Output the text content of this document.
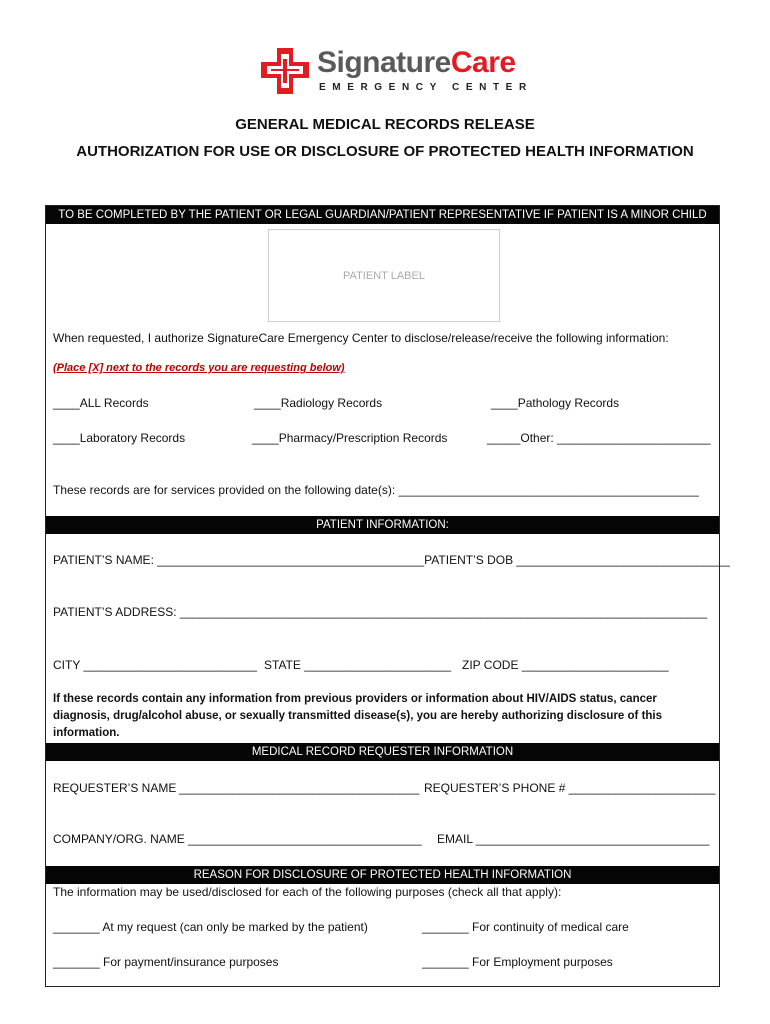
SignatureCare
EMERGENCY CENTER
GENERAL MEDICAL RECORDS RELEASE
AUTHORIZATION FOR USE OR DISCLOSURE OF PROTECTED HEALTH INFORMATION
TO BE COMPLETED BY THE PATIENT OR LEGAL GUARDIAN/PATIENT REPRESENTATIVE IF PATIENT IS A MINOR CHILD
PATIENT LABEL
When requested, I authorize SignatureCare Emergency Center to disclose/release/receive the following information:
(Place [X] next to the records you are requesting below)
____ALL Records	____Radiology Records	____Pathology Records
____Laboratory Records	____Pharmacy/Prescription Records	_____Other: _______________________
These records are for services provided on the following date(s): _____________________________________________
PATIENT INFORMATION:
PATIENT’S NAME: ________________________________________PATIENT’S DOB ________________________________
PATIENT’S ADDRESS: _______________________________________________________________________________
CITY __________________________ STATE ______________________ ZIP CODE ______________________
If these records contain any information from previous providers or information about HIV/AIDS status, cancer diagnosis, drug/alcohol abuse, or sexually transmitted disease(s), you are hereby authorizing disclosure of this information.
MEDICAL RECORD REQUESTER INFORMATION
REQUESTER’S NAME ____________________________________ REQUESTER’S PHONE # ______________________
COMPANY/ORG. NAME ___________________________________ EMAIL ___________________________________
REASON FOR DISCLOSURE OF PROTECTED HEALTH INFORMATION
The information may be used/disclosed for each of the following purposes (check all that apply):
_______ At my request (can only be marked by the patient)	_______ For continuity of medical care
_______ For payment/insurance purposes	_______ For Employment purposes
